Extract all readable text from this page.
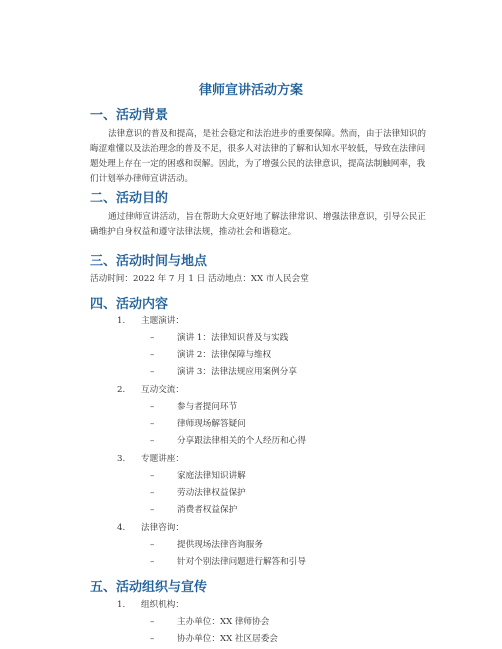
律师宣讲活动方案
一、活动背景
法律意识的普及和提高，是社会稳定和法治进步的重要保障。然而，由于法律知识的晦涩难懂以及法治理念的普及不足，很多人对法律的了解和认知水平较低，导致在法律问题处理上存在一定的困惑和误解。因此，为了增强公民的法律意识，提高法制触网率，我们计划举办律师宣讲活动。
二、活动目的
通过律师宣讲活动，旨在帮助大众更好地了解法律常识、增强法律意识，引导公民正确维护自身权益和遵守法律法规，推动社会和谐稳定。
三、活动时间与地点
活动时间：2022 年 7 月 1 日 活动地点：XX 市人民会堂
四、活动内容
1. 主题演讲：
–	演讲 1：法律知识普及与实践
–	演讲 2：法律保障与维权
–	演讲 3：法律法规应用案例分享
2. 互动交流：
–	参与者提问环节
–	律师现场解答疑问
–	分享跟法律相关的个人经历和心得
3. 专题讲座：
–	家庭法律知识讲解
–	劳动法律权益保护
–	消费者权益保护
4. 法律咨询：
–	提供现场法律咨询服务
–	针对个别法律问题进行解答和引导
五、活动组织与宣传
1. 组织机构：
–	主办单位：XX 律师协会
–	协办单位：XX 社区居委会
